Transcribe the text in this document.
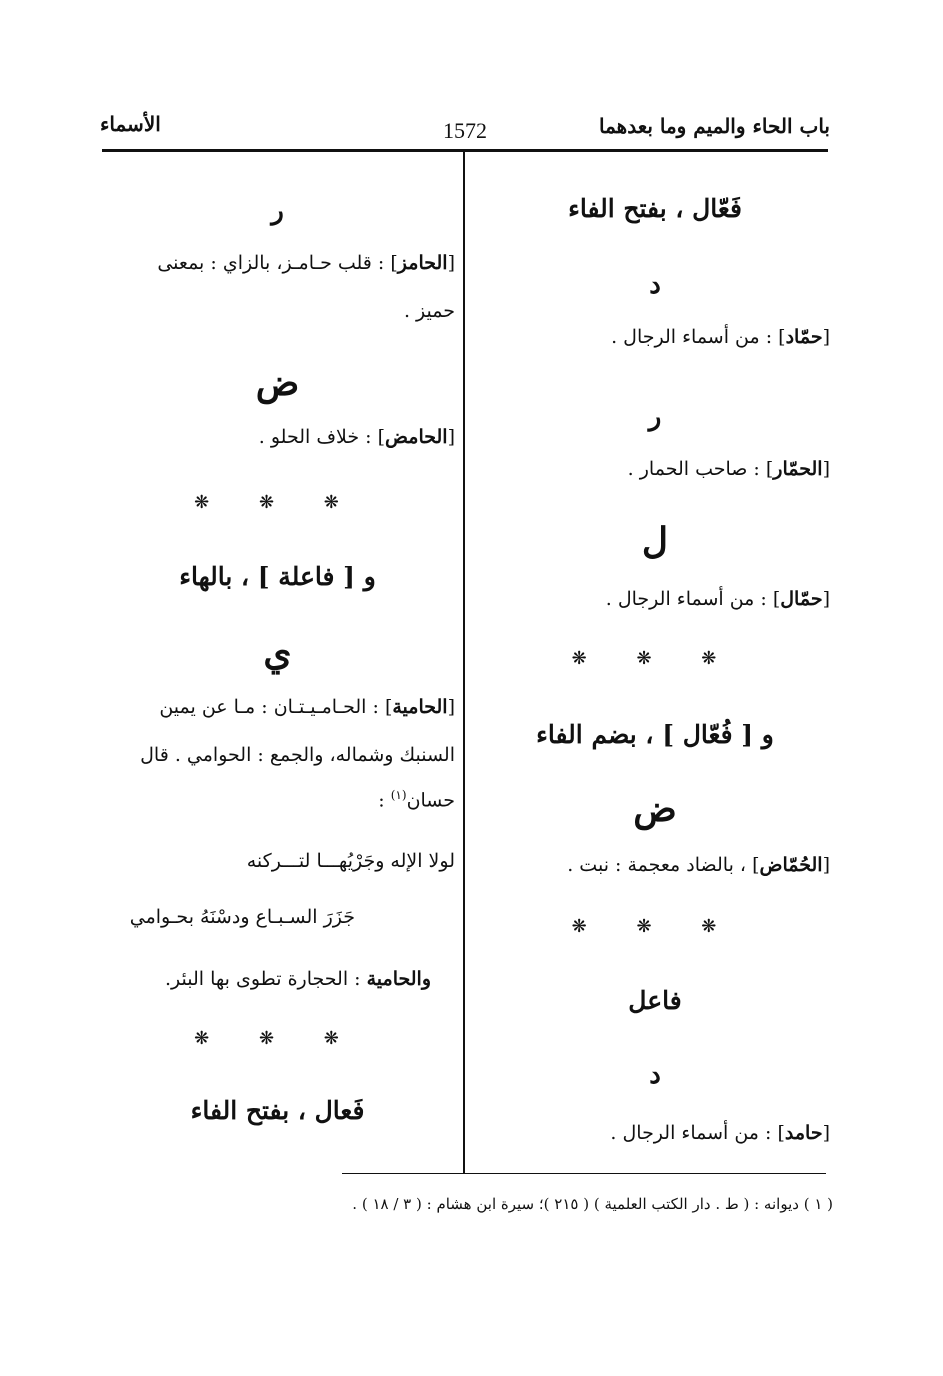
باب الحاء والميم وما بعدهما
1572
الأسماء
فَعّال ، بفتح الفاء
د
[حمّاد] : من أسماء الرجال .
ر
[الحمّار] : صاحب الحمار .
ل
[حمّال] : من أسماء الرجال .
❋ ❋ ❋
و [ فُعّال ] ، بضم الفاء
ض
[الحُمّاض] ، بالضاد معجمة : نبت .
❋ ❋ ❋
فاعل
د
[حامد] : من أسماء الرجال .
ر
[الحامز] : قلب حـامـز، بالزاي : بمعنى
حميز .
ض
[الحامض] : خلاف الحلو .
❋ ❋ ❋
و [ فاعلة ] ، بالهاء
ي
[الحامية] : الحـامـيـتـان : مـا عن يمين
السنبك وشماله، والجمع : الحوامي . قال
حسان$^{(١)}$ :
لولا الإله وجَرْيُهـــا لتـــركنه
جَزَرَ السـبـاع ودسْنَهُ بحـوامي
والحامية : الحجارة تطوى بها البئر.
❋ ❋ ❋
فَعال ، بفتح الفاء
( ١ ) ديوانه : ( ط . دار الكتب العلمية ) ( ٢١٥ )؛ سيرة ابن هشام : ( ٣ / ١٨ ) .
